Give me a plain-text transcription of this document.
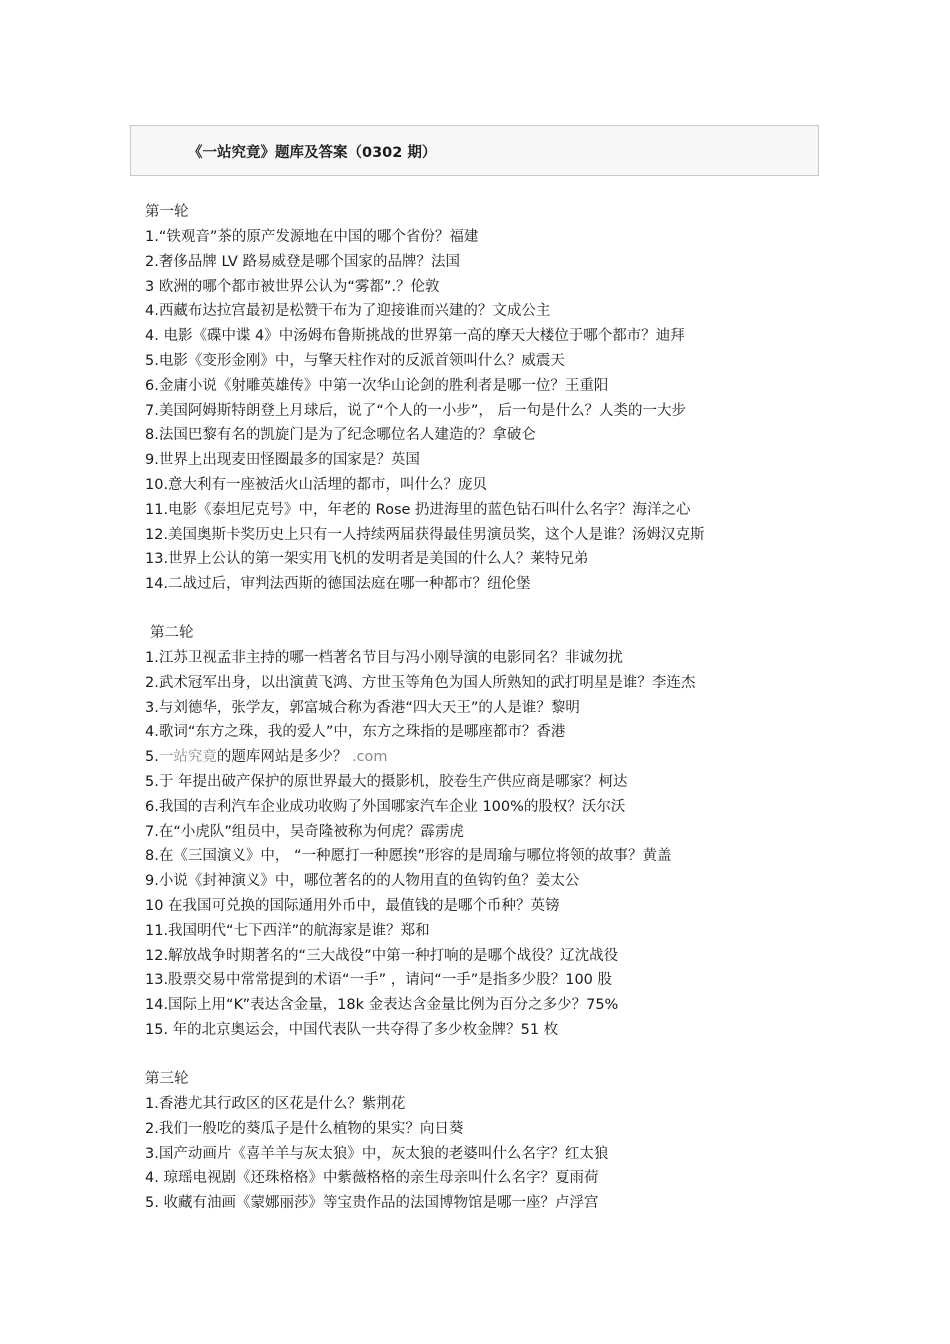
《一站究竟》题库及答案（0302 期）
第一轮
1.“铁观音”茶的原产发源地在中国的哪个省份？福建
2.奢侈品牌 LV 路易威登是哪个国家的品牌？法国
3 欧洲的哪个都市被世界公认为“雾都”.？伦敦
4.西藏布达拉宫最初是松赞干布为了迎接谁而兴建的？文成公主
4. 电影《碟中谍 4》中汤姆布鲁斯挑战的世界第一高的摩天大楼位于哪个都市？迪拜
5.电影《变形金刚》中，与擎天柱作对的反派首领叫什么？威震天
6.金庸小说《射雕英雄传》中第一次华山论剑的胜利者是哪一位？王重阳
7.美国阿姆斯特朗登上月球后，说了“个人的一小步”， 后一句是什么？人类的一大步
8.法国巴黎有名的凯旋门是为了纪念哪位名人建造的？拿破仑
9.世界上出现麦田怪圈最多的国家是？英国
10.意大利有一座被活火山活埋的都市，叫什么？庞贝
11.电影《泰坦尼克号》中，年老的 Rose 扔进海里的蓝色钻石叫什么名字？海洋之心
12.美国奥斯卡奖历史上只有一人持续两届获得最佳男演员奖，这个人是谁？汤姆汉克斯
13.世界上公认的第一架实用飞机的发明者是美国的什么人？莱特兄弟
14.二战过后，审判法西斯的德国法庭在哪一种都市？纽伦堡
第二轮
1.江苏卫视孟非主持的哪一档著名节目与冯小刚导演的电影同名？非诚勿扰
2.武术冠军出身，以出演黄飞鸿、方世玉等角色为国人所熟知的武打明星是谁？李连杰
3.与刘德华，张学友，郭富城合称为香港“四大天王”的人是谁？黎明
4.歌词“东方之珠，我的爱人”中，东方之珠指的是哪座都市？香港
5.一站究竟的题库网站是多少？ .com
5.于 年提出破产保护的原世界最大的摄影机，胶卷生产供应商是哪家？柯达
6.我国的吉利汽车企业成功收购了外国哪家汽车企业 100%的股权？沃尔沃
7.在“小虎队”组员中，吴奇隆被称为何虎？霹雳虎
8.在《三国演义》中， “一种愿打一种愿挨”形容的是周瑜与哪位将领的故事？黄盖
9.小说《封神演义》中，哪位著名的的人物用直的鱼钩钓鱼？姜太公
10 在我国可兑换的国际通用外币中，最值钱的是哪个币种？英镑
11.我国明代“七下西洋”的航海家是谁？郑和
12.解放战争时期著名的“三大战役”中第一种打响的是哪个战役？辽沈战役
13.股票交易中常常提到的术语“一手” ，请问“一手”是指多少股？100 股
14.国际上用“K”表达含金量，18k 金表达含金量比例为百分之多少？75%
15. 年的北京奥运会，中国代表队一共夺得了多少枚金牌？51 枚
第三轮
1.香港尤其行政区的区花是什么？紫荆花
2.我们一般吃的葵瓜子是什么植物的果实？向日葵
3.国产动画片《喜羊羊与灰太狼》中，灰太狼的老婆叫什么名字？红太狼
4. 琼瑶电视剧《还珠格格》中紫薇格格的亲生母亲叫什么名字？夏雨荷
5. 收藏有油画《蒙娜丽莎》等宝贵作品的法国博物馆是哪一座？卢浮宫
